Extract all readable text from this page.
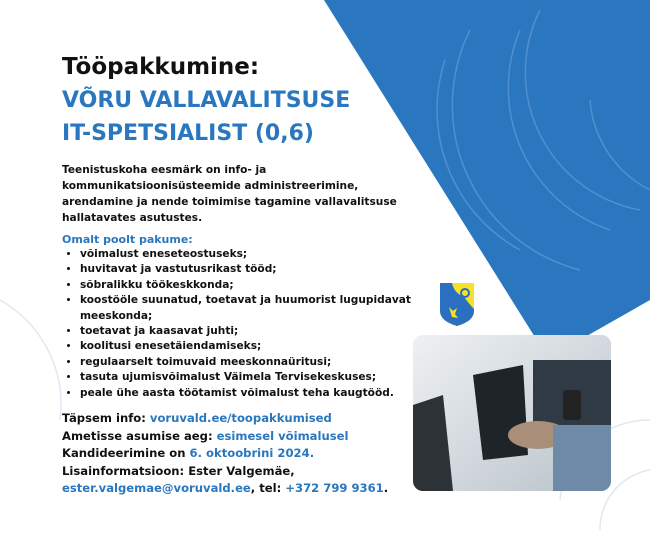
Tööpakkumine:
VÕRU VALLAVALITSUSE
IT-SPETSIALIST (0,6)
Teenistuskoha eesmärk on info- ja kommunikatsioonisüsteemide administreerimine, arendamine ja nende toimimise tagamine vallavalitsuse hallatavates asutustes.
Omalt poolt pakume:
• võimalust eneseteostuseks;
• huvitavat ja vastutusrikast tööd;
• sõbralikku töökeskkonda;
• koostööle suunatud, toetavat ja huumorist lugupidavat meeskonda;
• toetavat ja kaasavat juhti;
• koolitusi enesetäiendamiseks;
• regulaarselt toimuvaid meeskonnaüritusi;
• tasuta ujumisvõimalust Väimela Tervisekeskuses;
• peale ühe aasta töötamist võimalust teha kaugtööd.
Täpsem info: voruvald.ee/toopakkumised
Ametisse asumise aeg: esimesel võimalusel
Kandideerimine on 6. oktoobrini 2024.
Lisainformatsioon: Ester Valgemäe,
ester.valgemae@voruvald.ee, tel: +372 799 9361.
